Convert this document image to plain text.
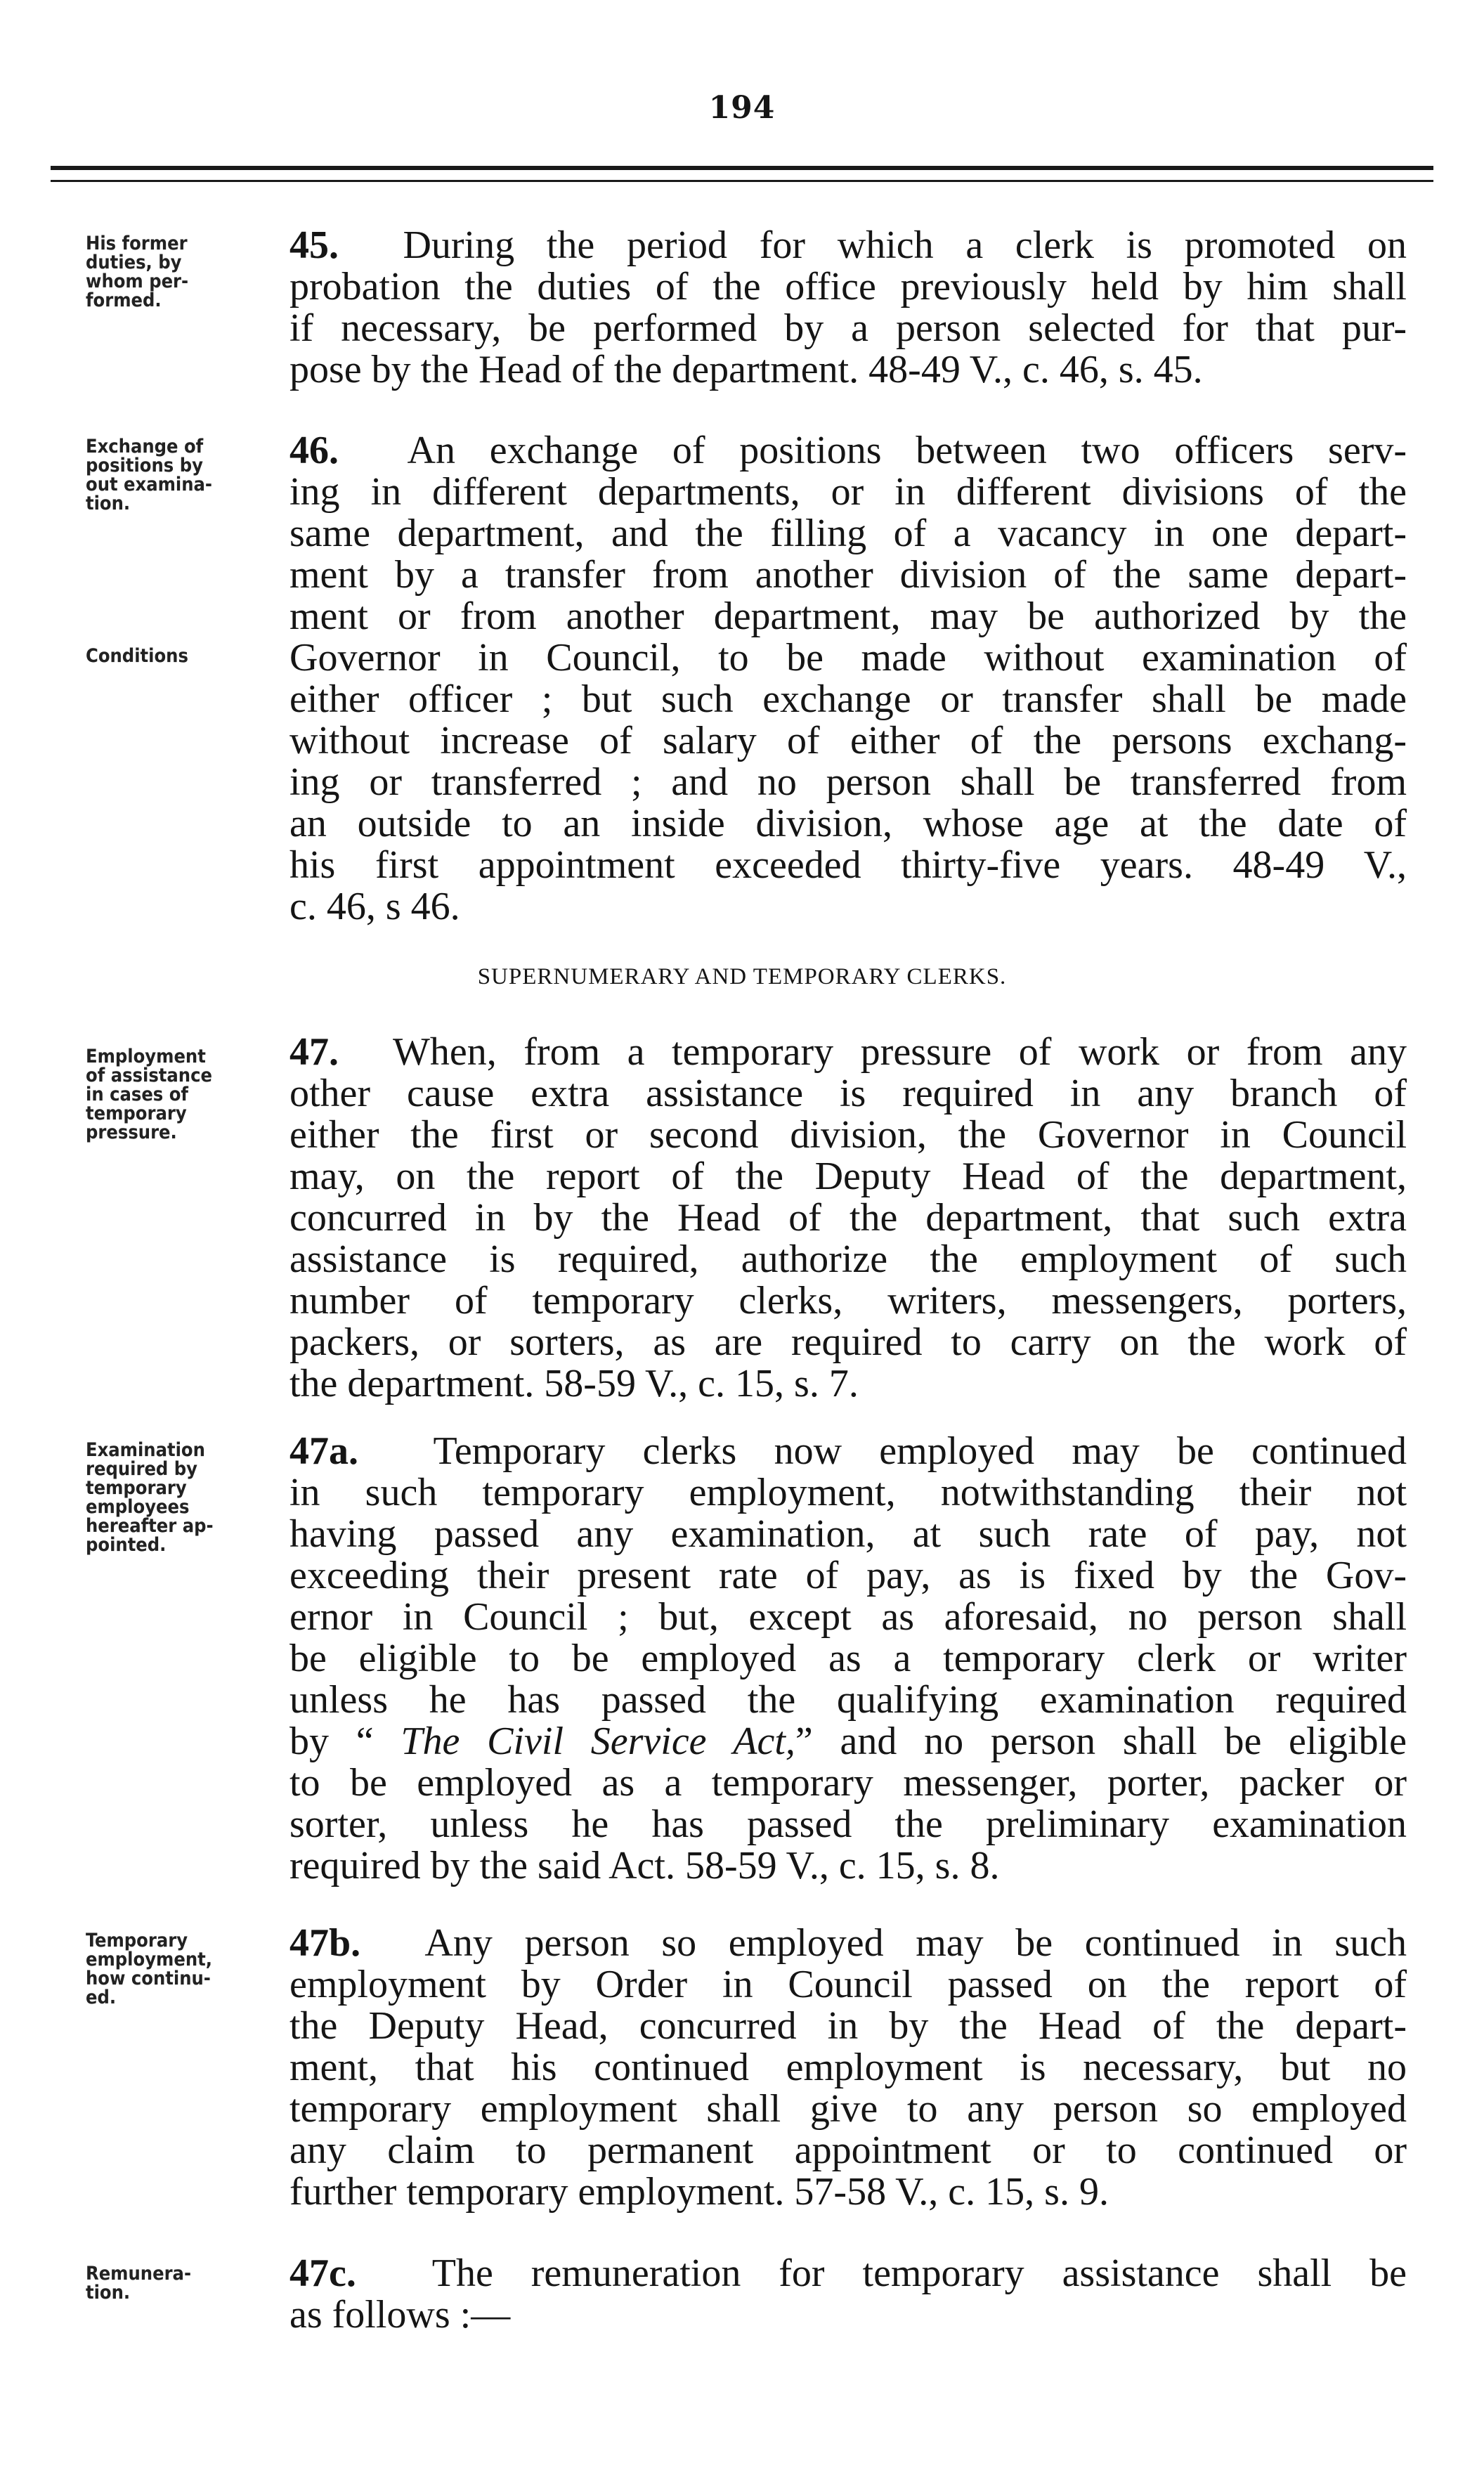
194
His former
duties, by
whom per-
formed.
45. During the period for which a clerk is promoted on
probation the duties of the office previously held by him shall
if necessary, be performed by a person selected for that pur-
pose by the Head of the department. 48-49 V., c. 46, s. 45.
Exchange of
positions by
out examina-
tion.
Conditions
46. An exchange of positions between two officers serv-
ing in different departments, or in different divisions of the
same department, and the filling of a vacancy in one depart-
ment by a transfer from another division of the same depart-
ment or from another department, may be authorized by the
Governor in Council, to be made without examination of
either officer ; but such exchange or transfer shall be made
without increase of salary of either of the persons exchang-
ing or transferred ; and no person shall be transferred from
an outside to an inside division, whose age at the date of
his first appointment exceeded thirty-five years. 48-49 V.,
c. 46, s 46.
SUPERNUMERARY AND TEMPORARY CLERKS.
Employment
of assistance
in cases of
temporary
pressure.
47. When, from a temporary pressure of work or from any
other cause extra assistance is required in any branch of
either the first or second division, the Governor in Council
may, on the report of the Deputy Head of the department,
concurred in by the Head of the department, that such extra
assistance is required, authorize the employment of such
number of temporary clerks, writers, messengers, porters,
packers, or sorters, as are required to carry on the work of
the department. 58-59 V., c. 15, s. 7.
Examination
required by
temporary
employees
hereafter ap-
pointed.
47a. Temporary clerks now employed may be continued
in such temporary employment, notwithstanding their not
having passed any examination, at such rate of pay, not
exceeding their present rate of pay, as is fixed by the Gov-
ernor in Council ; but, except as aforesaid, no person shall
be eligible to be employed as a temporary clerk or writer
unless he has passed the qualifying examination required
by “ The Civil Service Act,” and no person shall be eligible
to be employed as a temporary messenger, porter, packer or
sorter, unless he has passed the preliminary examination
required by the said Act. 58-59 V., c. 15, s. 8.
Temporary
employment,
how continu-
ed.
47b. Any person so employed may be continued in such
employment by Order in Council passed on the report of
the Deputy Head, concurred in by the Head of the depart-
ment, that his continued employment is necessary, but no
temporary employment shall give to any person so employed
any claim to permanent appointment or to continued or
further temporary employment. 57-58 V., c. 15, s. 9.
Remunera-
tion.	47c. The remuneration for temporary assistance shall be
as follows :—
